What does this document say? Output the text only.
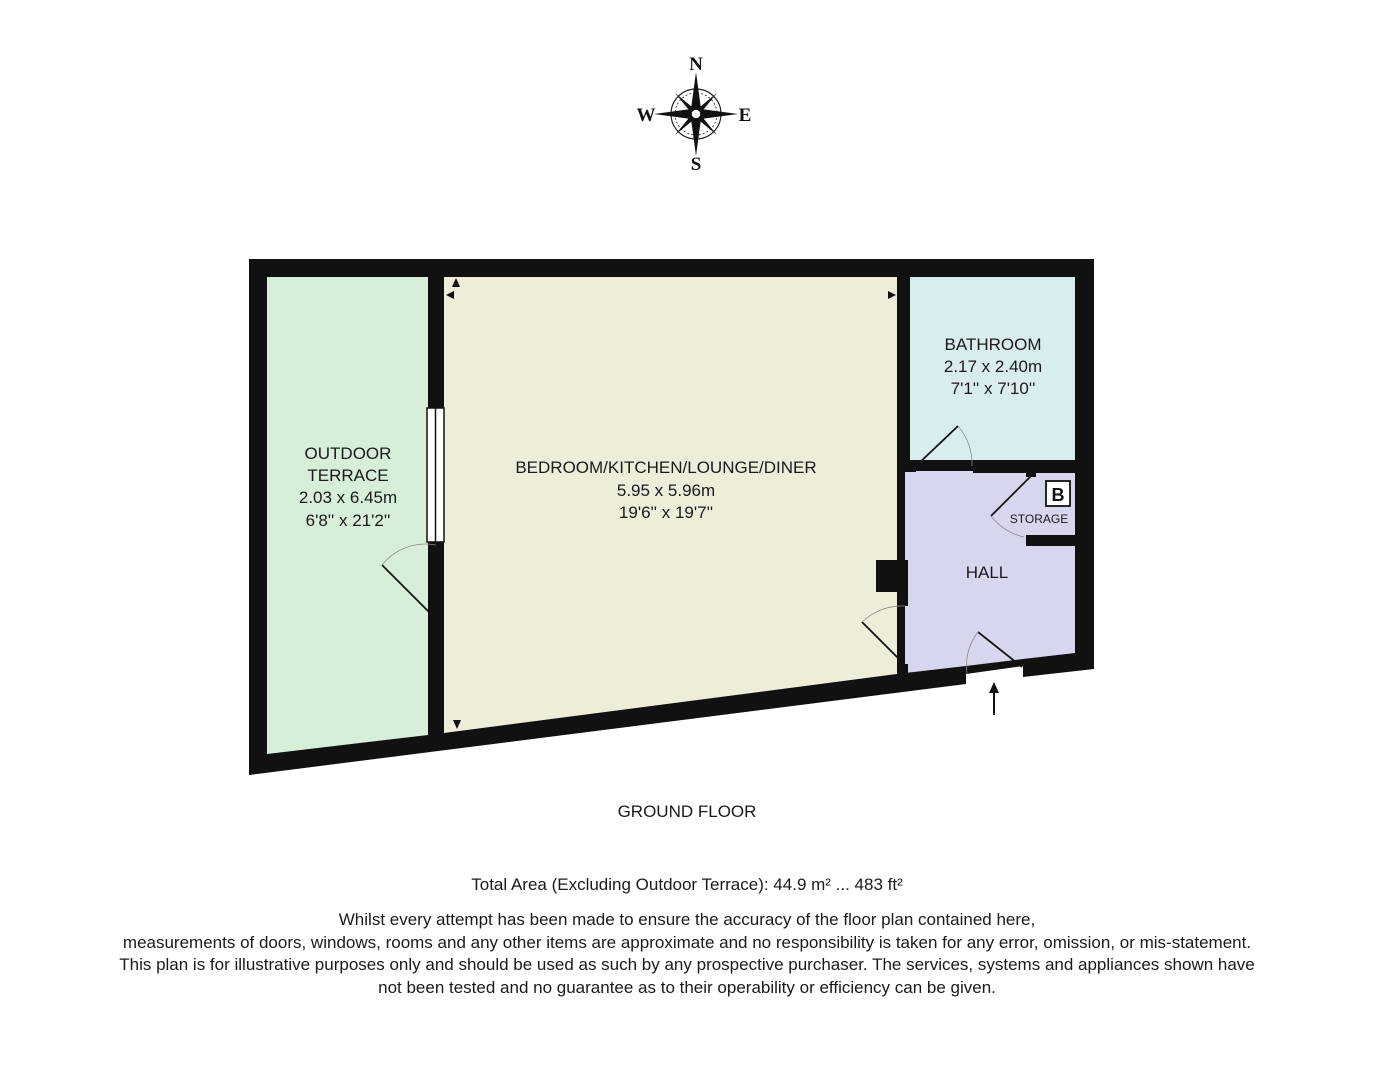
N
S
W	E
B
OUTDOOR
TERRACE
2.03 x 6.45m
6'8'' x 21'2''
BEDROOM/KITCHEN/LOUNGE/DINER
5.95 x 5.96m
19'6'' x 19'7''
BATHROOM
2.17 x 2.40m
7'1'' x 7'10''
HALL
STORAGE
GROUND FLOOR
Total Area (Excluding Outdoor Terrace): 44.9 m² ... 483 ft²
Whilst every attempt has been made to ensure the accuracy of the floor plan contained here,
measurements of doors, windows, rooms and any other items are approximate and no responsibility is taken for any error, omission, or mis-statement.
This plan is for illustrative purposes only and should be used as such by any prospective purchaser. The services, systems and appliances shown have
not been tested and no guarantee as to their operability or efficiency can be given.
